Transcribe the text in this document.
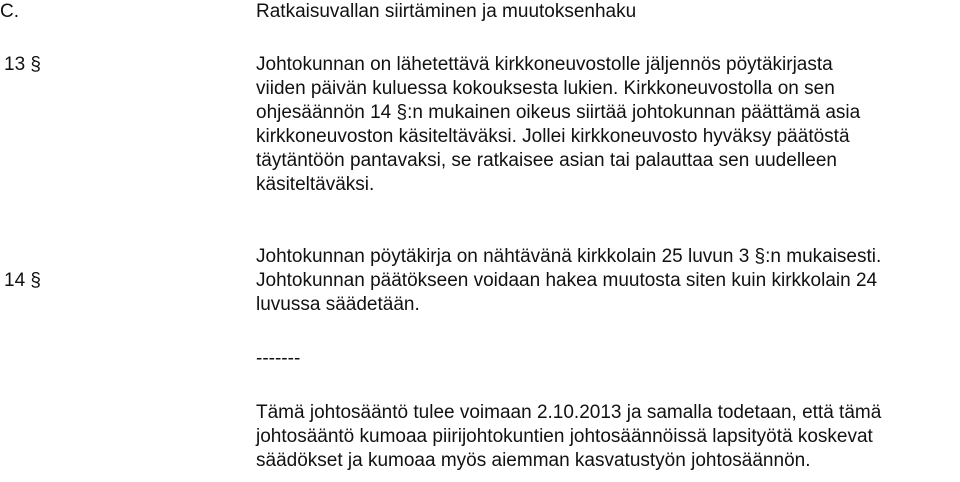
C.	Ratkaisuvallan siirtäminen ja muutoksenhaku
13 §	Johtokunnan on lähetettävä kirkkoneuvostolle jäljennös pöytäkirjasta
viiden päivän kuluessa kokouksesta lukien. Kirkkoneuvostolla on sen
ohjesäännön 14 §:n mukainen oikeus siirtää johtokunnan päättämä asia
kirkkoneuvoston käsiteltäväksi. Jollei kirkkoneuvosto hyväksy päätöstä
täytäntöön pantavaksi, se ratkaisee asian tai palauttaa sen uudelleen
käsiteltäväksi.
14 §
Johtokunnan pöytäkirja on nähtävänä kirkkolain 25 luvun 3 §:n mukaisesti.
Johtokunnan päätökseen voidaan hakea muutosta siten kuin kirkkolain 24
luvussa säädetään.
-------
Tämä johtosääntö tulee voimaan 2.10.2013 ja samalla todetaan, että tämä
johtosääntö kumoaa piirijohtokuntien johtosäännöissä lapsityötä koskevat
säädökset ja kumoaa myös aiemman kasvatustyön johtosäännön.
